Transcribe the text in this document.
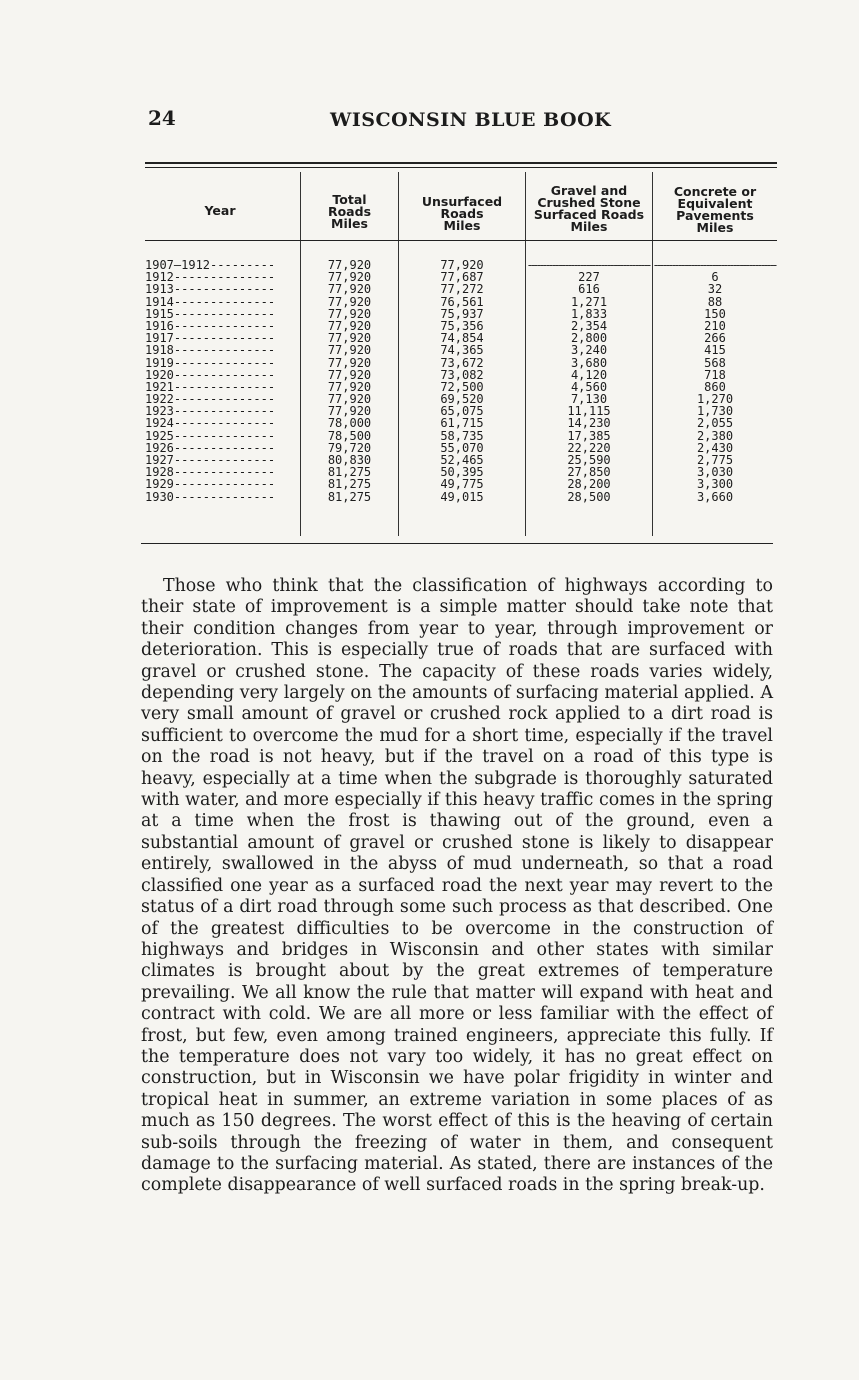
24	WISCONSIN BLUE BOOK
Year
Total
Roads
Miles
Unsurfaced
Roads
Miles
Gravel and
Crushed Stone
Surfaced Roads
Miles
Concrete or
Equivalent
Pavements
Miles
1907—1912---------
1912--------------
1913--------------
1914--------------
1915--------------
1916--------------
1917--------------
1918--------------
1919--------------
1920--------------
1921--------------
1922--------------
1923--------------
1924--------------
1925--------------
1926--------------
1927--------------
1928--------------
1929--------------
1930--------------
77,920
77,920
77,920
77,920
77,920
77,920
77,920
77,920
77,920
77,920
77,920
77,920
77,920
78,000
78,500
79,720
80,830
81,275
81,275
81,275
77,920
77,687
77,272
76,561
75,937
75,356
74,854
74,365
73,672
73,082
72,500
69,520
65,075
61,715
58,735
55,070
52,465
50,395
49,775
49,015
----------------------------------------
227
616
1,271
1,833
2,354
2,800
3,240
3,680
4,120
4,560
7,130
11,115
14,230
17,385
22,220
25,590
27,850
28,200
28,500
----------------------------------------
6
32
88
150
210
266
415
568
718
860
1,270
1,730
2,055
2,380
2,430
2,775
3,030
3,300
3,660

Those who think that the classification of highways according to their state of improvement is a simple matter should take note that their condition changes from year to year, through improvement or deterioration. This is especially true of roads that are surfaced with gravel or crushed stone. The capacity of these roads varies widely, depending very largely on the amounts of surfacing material applied. A very small amount of gravel or crushed rock applied to a dirt road is sufficient to overcome the mud for a short time, especially if the travel on the road is not heavy, but if the travel on a road of this type is heavy, especially at a time when the subgrade is thoroughly saturated with water, and more especially if this heavy traffic comes in the spring at a time when the frost is thawing out of the ground, even a substantial amount of gravel or crushed stone is likely to disappear entirely, swallowed in the abyss of mud underneath, so that a road classified one year as a surfaced road the next year may revert to the status of a dirt road through some such process as that described. One of the greatest difficulties to be overcome in the construction of highways and bridges in Wisconsin and other states with similar climates is brought about by the great extremes of temperature prevailing. We all know the rule that matter will expand with heat and contract with cold. We are all more or less familiar with the effect of frost, but few, even among trained engineers, appreciate this fully. If the temperature does not vary too widely, it has no great effect on construction, but in Wisconsin we have polar frigidity in winter and tropical heat in summer, an extreme variation in some places of as much as 150 degrees. The worst effect of this is the heaving of certain sub-soils through the freezing of water in them, and consequent damage to the surfacing material. As stated, there are instances of the complete disappearance of well surfaced roads in the spring break-up.
